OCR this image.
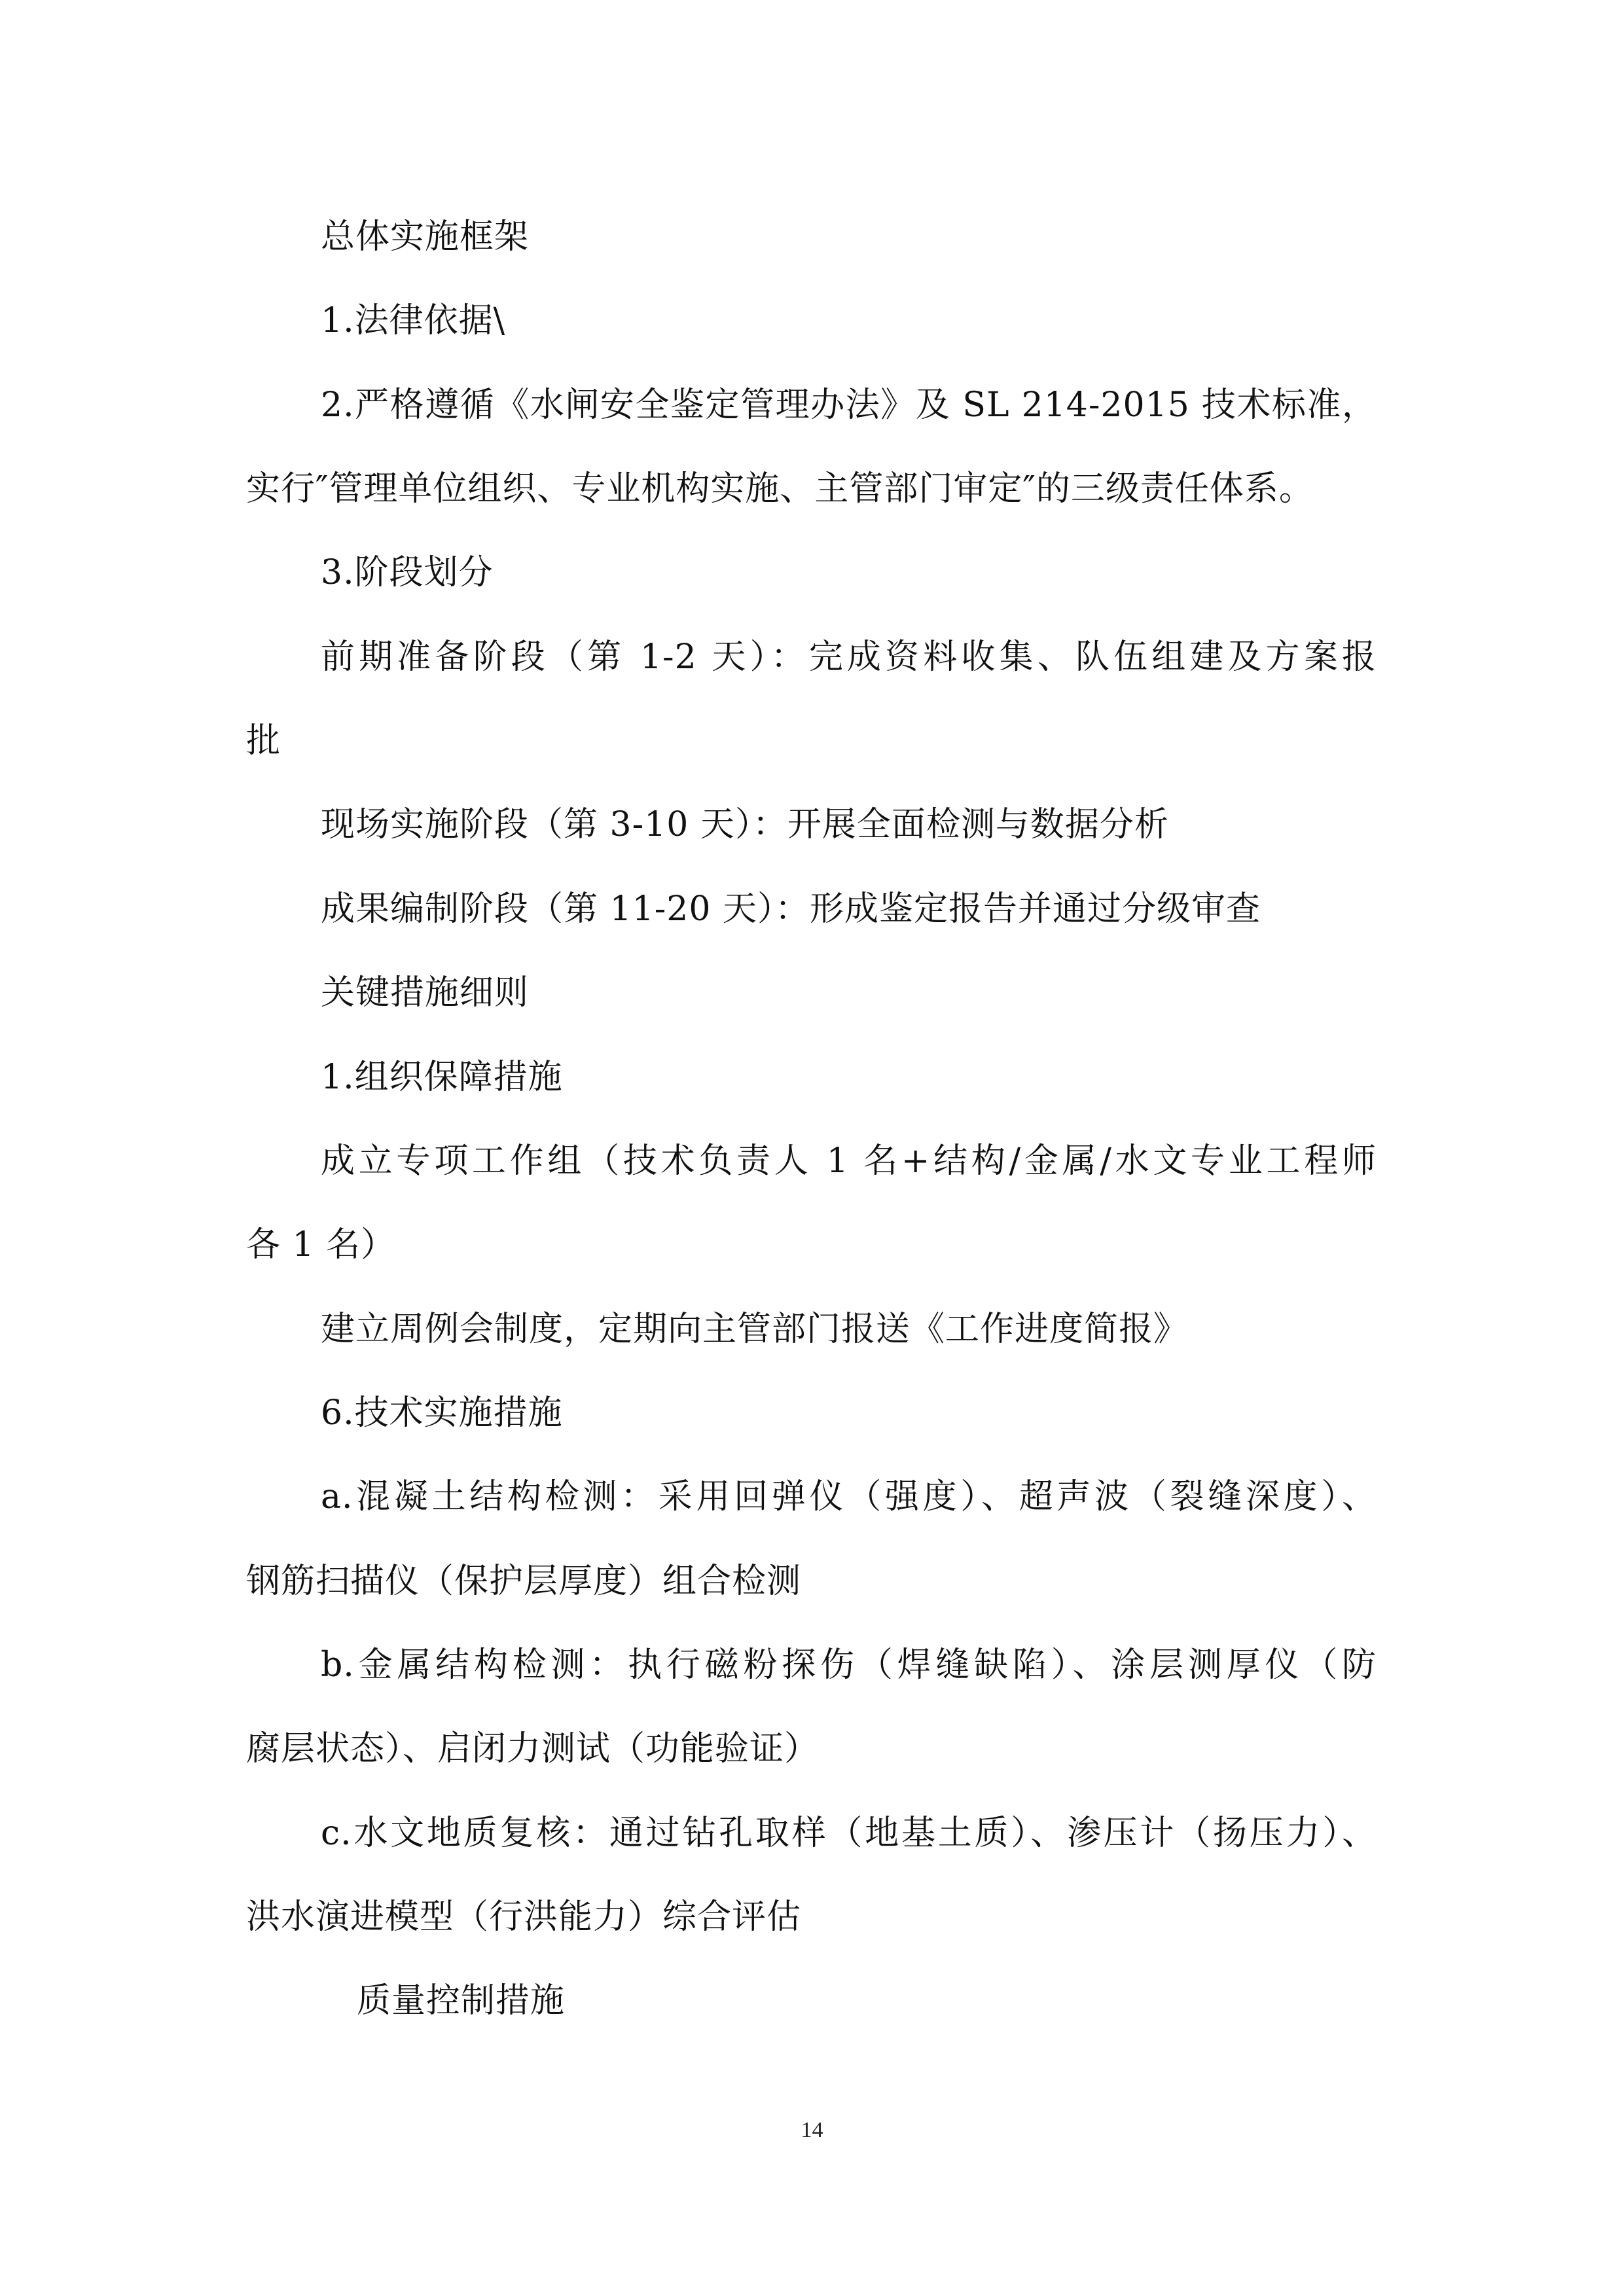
总体实施框架
1.法律依据\
2.严格遵循《水闸安全鉴定管理办法》及 SL 214-2015 技术标准，
实行″管理单位组织、专业机构实施、主管部门审定″的三级责任体系。
3.阶段划分
前期准备阶段（第 1-2 天）：完成资料收集、队伍组建及方案报
批
现场实施阶段（第 3-10 天）：开展全面检测与数据分析
成果编制阶段（第 11-20 天）：形成鉴定报告并通过分级审查
关键措施细则
1.组织保障措施
成立专项工作组（技术负责人 1 名+结构/金属/水文专业工程师
各 1 名）
建立周例会制度，定期向主管部门报送《工作进度简报》
6.技术实施措施
a.混凝土结构检测：采用回弹仪（强度）、超声波（裂缝深度）、
钢筋扫描仪（保护层厚度）组合检测
b.金属结构检测：执行磁粉探伤（焊缝缺陷）、涂层测厚仪（防
腐层状态）、启闭力测试（功能验证）
c.水文地质复核：通过钻孔取样（地基土质）、渗压计（扬压力）、
洪水演进模型（行洪能力）综合评估
质量控制措施
14
